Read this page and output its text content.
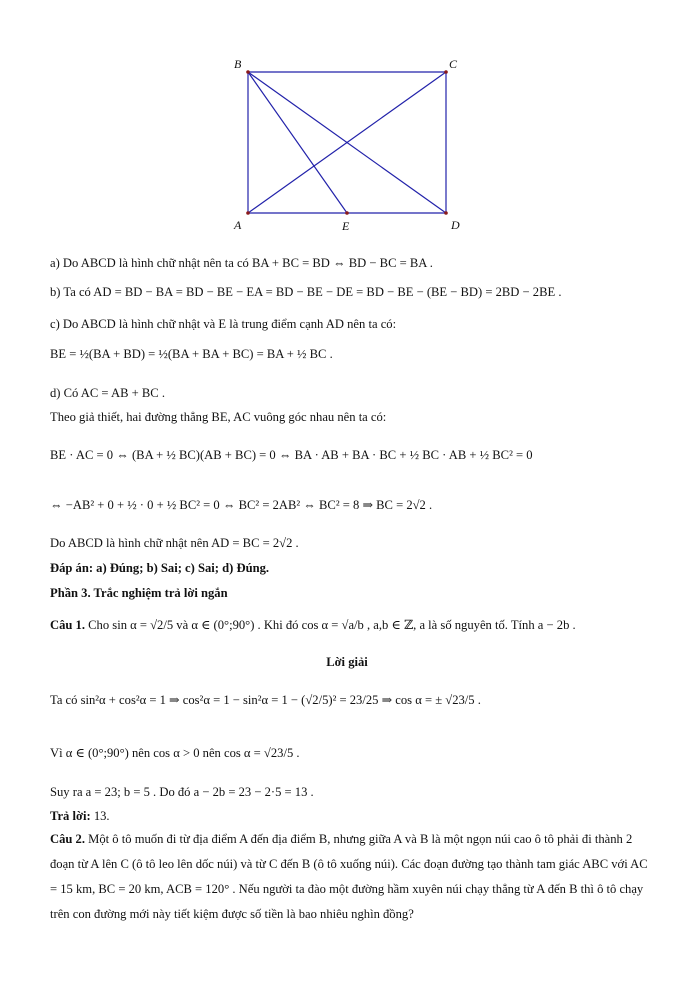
B	C
A	D
E
a) Do ABCD là hình chữ nhật nên ta có BA + BC = BD ⇔ BD − BC = BA .
b) Ta có AD = BD − BA = BD − BE − EA = BD − BE − DE = BD − BE − (BE − BD) = 2BD − 2BE .
c) Do ABCD là hình chữ nhật và E là trung điểm cạnh AD nên ta có:
BE = ½(BA + BD) = ½(BA + BA + BC) = BA + ½ BC .
d) Có AC = AB + BC .
Theo giả thiết, hai đường thẳng BE, AC vuông góc nhau nên ta có:
BE · AC = 0 ⇔ (BA + ½ BC)(AB + BC) = 0 ⇔ BA · AB + BA · BC + ½ BC · AB + ½ BC² = 0
⇔ −AB² + 0 + ½ · 0 + ½ BC² = 0 ⇔ BC² = 2AB² ⇔ BC² = 8 ⇒ BC = 2√2 .
Do ABCD là hình chữ nhật nên AD = BC = 2√2 .
Đáp án: a) Đúng; b) Sai; c) Sai; d) Đúng.
Phần 3. Trắc nghiệm trả lời ngắn
Câu 1. Cho sin α = √2/5 và α ∈ (0°;90°) . Khi đó cos α = √a/b , a,b ∈ ℤ, a là số nguyên tố. Tính a − 2b .
Lời giải
Ta có sin²α + cos²α = 1 ⇒ cos²α = 1 − sin²α = 1 − (√2/5)² = 23/25 ⇒ cos α = ± √23/5 .
Vì α ∈ (0°;90°) nên cos α > 0 nên cos α = √23/5 .
Suy ra a = 23; b = 5 . Do đó a − 2b = 23 − 2·5 = 13 .
Trả lời: 13.
Câu 2. Một ô tô muốn đi từ địa điểm A đến địa điểm B, nhưng giữa A và B là một ngọn núi cao ô tô phải đi thành 2 đoạn từ A lên C (ô tô leo lên dốc núi) và từ C đến B (ô tô xuống núi). Các đoạn đường tạo thành tam giác ABC với AC = 15 km, BC = 20 km, ACB = 120° . Nếu người ta đào một đường hầm xuyên núi chạy thẳng từ A đến B thì ô tô chạy trên con đường mới này tiết kiệm được số tiền là bao nhiêu nghìn đồng?
